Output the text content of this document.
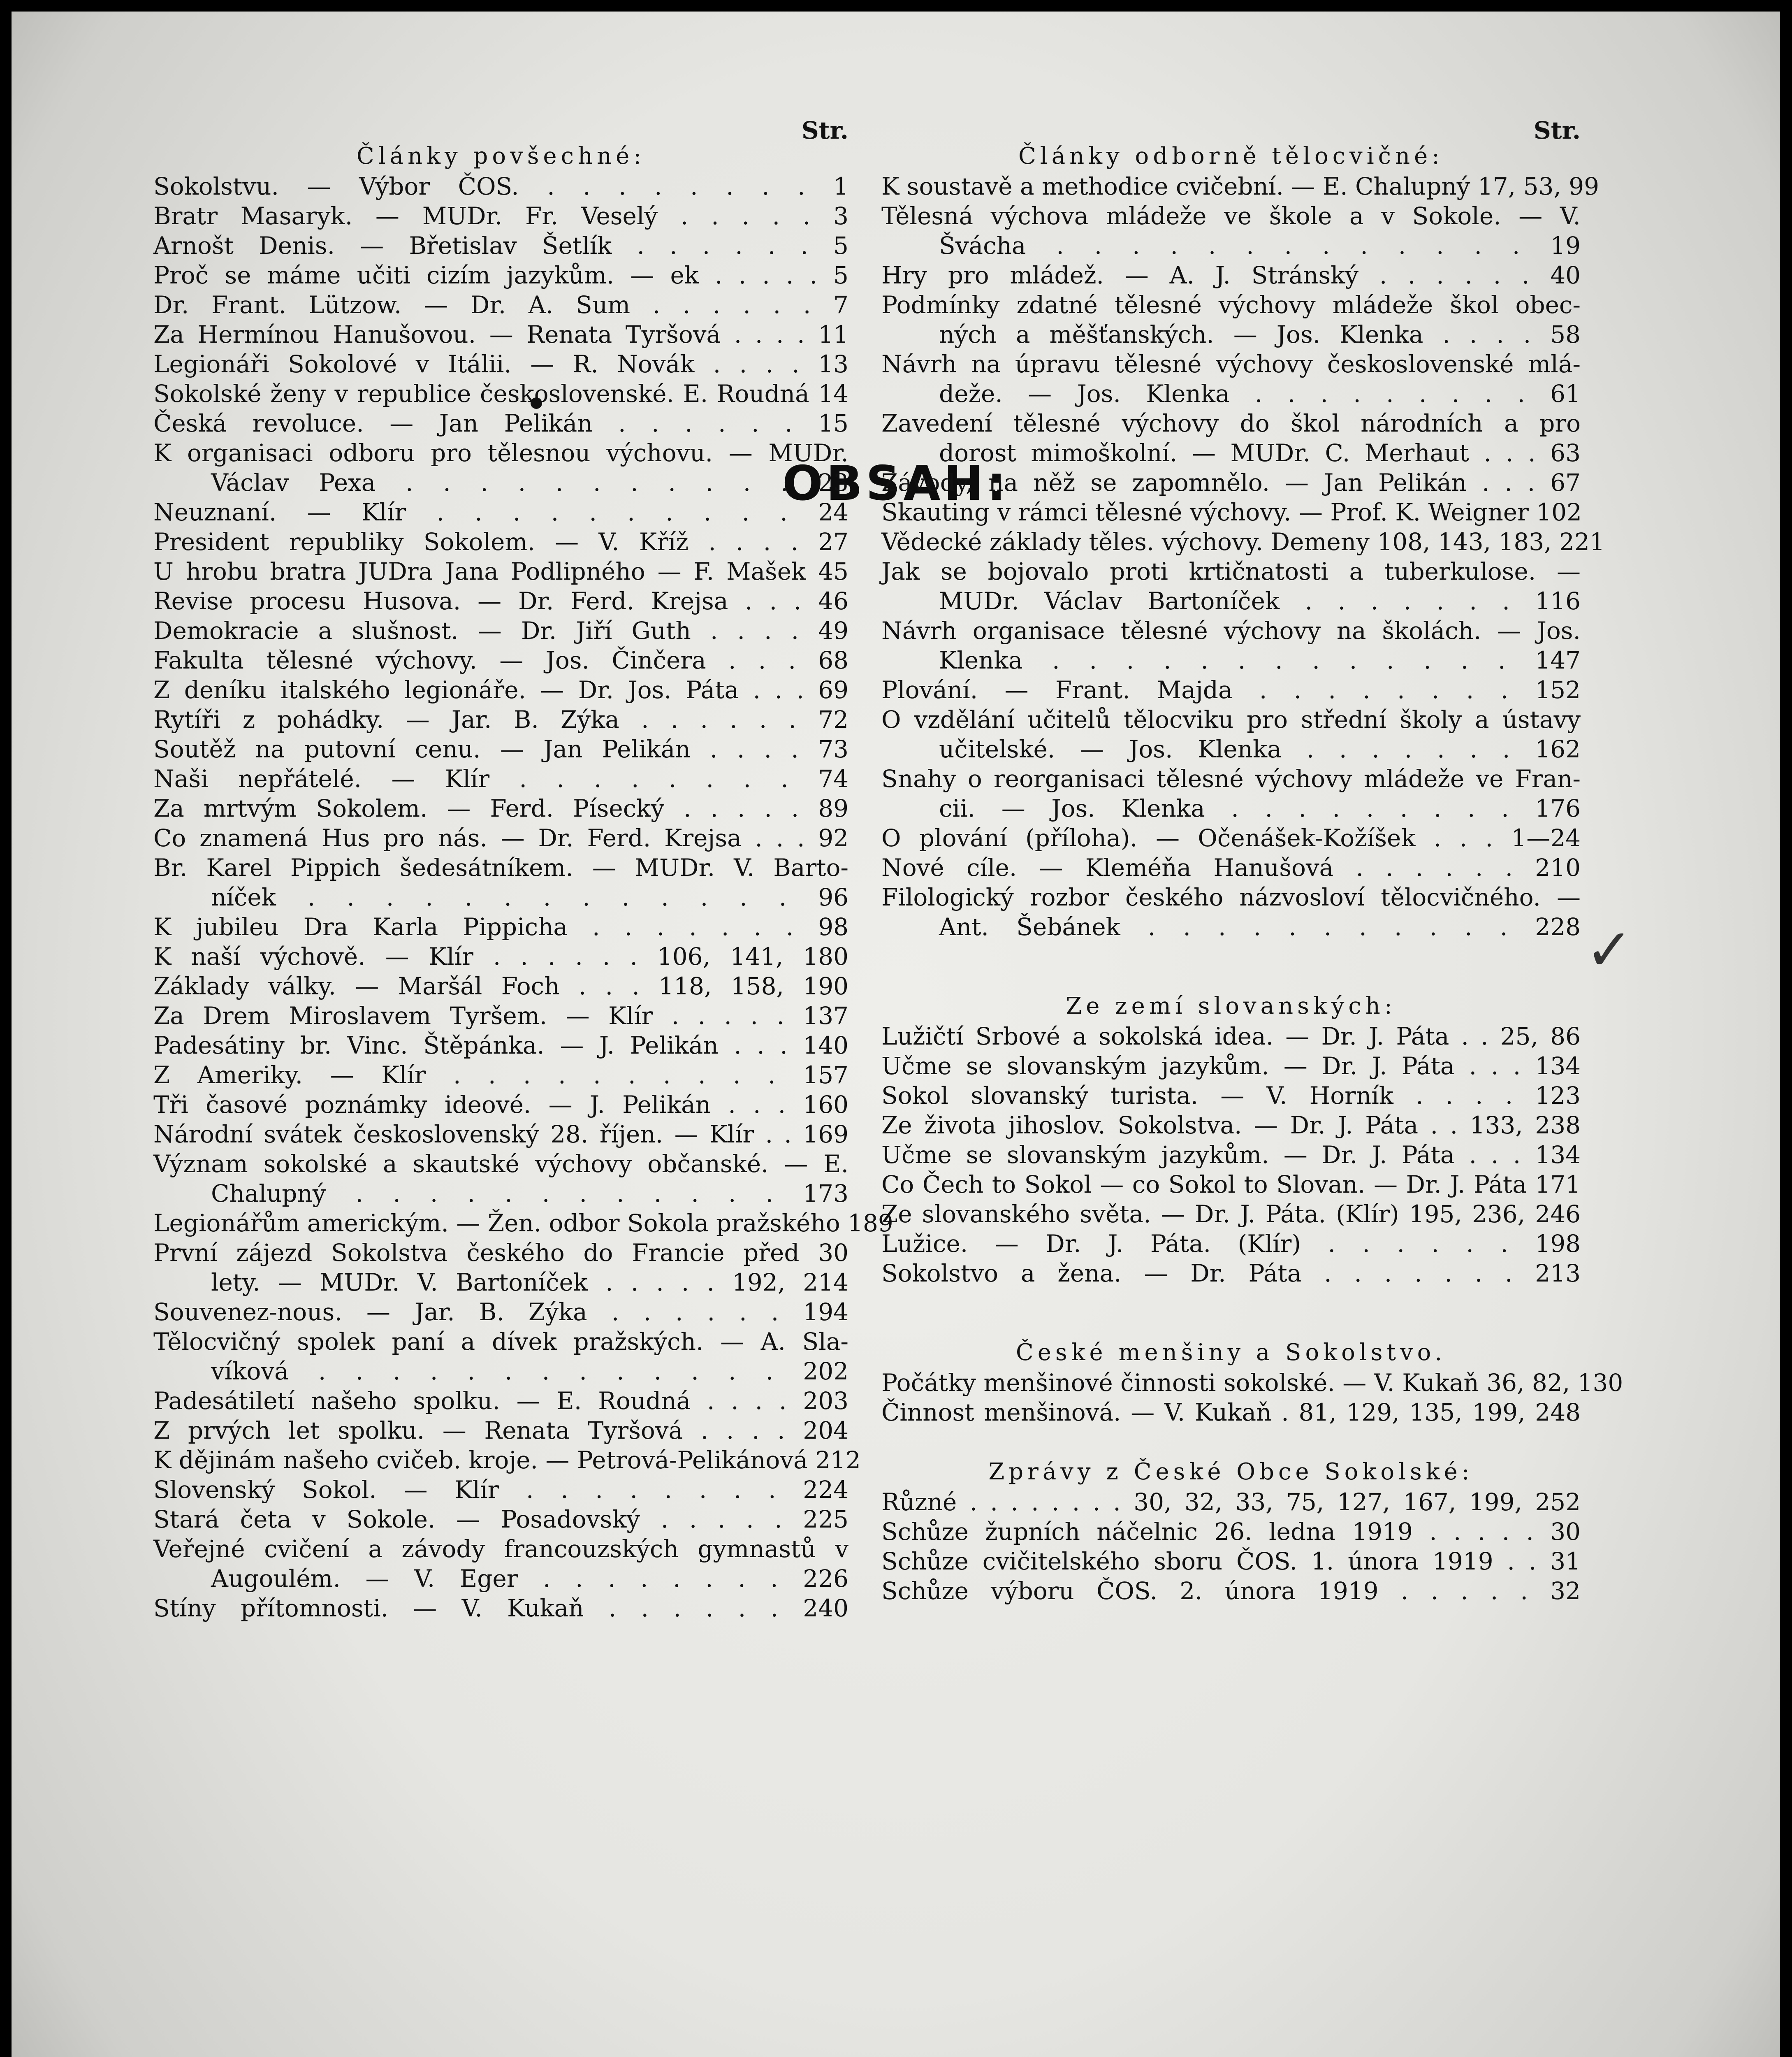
OBSAH:
Str.
Články povšechné:
Sokolstvu. — Výbor ČOS. . . . . . . . . 1
Bratr Masaryk. — MUDr. Fr. Veselý . . . . . 3
Arnošt Denis. — Břetislav Šetlík . . . . . . 5
Proč se máme učiti cizím jazykům. — ek . . . . . 5
Dr. Frant. Lützow. — Dr. A. Sum . . . . . . 7
Za Hermínou Hanušovou. — Renata Tyršová . . . . 11
Legionáři Sokolové v Itálii. — R. Novák . . . . 13
Sokolské ženy v republice československé. E. Roudná 14
Česká revoluce. — Jan Pelikán . . . . . . 15
K organisaci odboru pro tělesnou výchovu. — MUDr.
Václav Pexa . . . . . . . . . . . 23
Neuznaní. — Klír . . . . . . . . . . 24
President republiky Sokolem. — V. Kříž . . . . 27
U hrobu bratra JUDra Jana Podlipného — F. Mašek 45
Revise procesu Husova. — Dr. Ferd. Krejsa . . . 46
Demokracie a slušnost. — Dr. Jiří Guth . . . . 49
Fakulta tělesné výchovy. — Jos. Činčera . . . 68
Z deníku italského legionáře. — Dr. Jos. Páta . . . 69
Rytíři z pohádky. — Jar. B. Zýka . . . . . . 72
Soutěž na putovní cenu. — Jan Pelikán . . . . 73
Naši nepřátelé. — Klír . . . . . . . . 74
Za mrtvým Sokolem. — Ferd. Písecký . . . . . 89
Co znamená Hus pro nás. — Dr. Ferd. Krejsa . . . 92
Br. Karel Pippich šedesátníkem. — MUDr. V. Barto-
níček . . . . . . . . . . . . . 96
K jubileu Dra Karla Pippicha . . . . . . . 98
K naší výchově. — Klír . . . . . . 106, 141, 180
Základy války. — Maršál Foch . . . 118, 158, 190
Za Drem Miroslavem Tyršem. — Klír . . . . . 137
Padesátiny br. Vinc. Štěpánka. — J. Pelikán . . . 140
Z Ameriky. — Klír . . . . . . . . . . 157
Tři časové poznámky ideové. — J. Pelikán . . . 160
Národní svátek československý 28. říjen. — Klír . . 169
Význam sokolské a skautské výchovy občanské. — E.
Chalupný . . . . . . . . . . . . 173
Legionářům americkým. — Žen. odbor Sokola pražského 189
První zájezd Sokolstva českého do Francie před 30
lety. — MUDr. V. Bartoníček . . . . . 192, 214
Souvenez-nous. — Jar. B. Zýka . . . . . . 194
Tělocvičný spolek paní a dívek pražských. — A. Sla-
víková . . . . . . . . . . . . . 202
Padesátiletí našeho spolku. — E. Roudná . . . . 203
Z prvých let spolku. — Renata Tyršová . . . . 204
K dějinám našeho cvičeb. kroje. — Petrová-Pelikánová 212
Slovenský Sokol. — Klír . . . . . . . . 224
Stará četa v Sokole. — Posadovský . . . . . 225
Veřejné cvičení a závody francouzských gymnastů v
Augoulém. — V. Eger . . . . . . . . 226
Stíny přítomnosti. — V. Kukaň . . . . . . 240
Str.
Články odborně tělocvičné:
K soustavě a methodice cvičební. — E. Chalupný 17, 53, 99
Tělesná výchova mládeže ve škole a v Sokole. — V.
Švácha . . . . . . . . . . . . . 19
Hry pro mládež. — A. J. Stránský . . . . . . 40
Podmínky zdatné tělesné výchovy mládeže škol obec-
ných a měšťanských. — Jos. Klenka . . . . 58
Návrh na úpravu tělesné výchovy československé mlá-
deže. — Jos. Klenka . . . . . . . . . 61
Zavedení tělesné výchovy do škol národních a pro
dorost mimoškolní. — MUDr. C. Merhaut . . . 63
Závody, na něž se zapomnělo. — Jan Pelikán . . . 67
Skauting v rámci tělesné výchovy. — Prof. K. Weigner 102
Vědecké základy těles. výchovy. Demeny 108, 143, 183, 221
Jak se bojovalo proti krtičnatosti a tuberkulose. —
MUDr. Václav Bartoníček . . . . . . . 116
Návrh organisace tělesné výchovy na školách. — Jos.
Klenka . . . . . . . . . . . . . 147
Plování. — Frant. Majda . . . . . . . . 152
O vzdělání učitelů tělocviku pro střední školy a ústavy
učitelské. — Jos. Klenka . . . . . . . 162
Snahy o reorganisaci tělesné výchovy mládeže ve Fran-
cii. — Jos. Klenka . . . . . . . . . 176
O plování (příloha). — Očenášek-Kožíšek . . . 1—24
Nové cíle. — Kleméňa Hanušová . . . . . . 210
Filologický rozbor českého názvosloví tělocvičného. —
Ant. Šebánek . . . . . . . . . . . 228
Ze zemí slovanských:
Lužičtí Srbové a sokolská idea. — Dr. J. Páta . . 25, 86
Učme se slovanským jazykům. — Dr. J. Páta . . . 134
Sokol slovanský turista. — V. Horník . . . . 123
Ze života jihoslov. Sokolstva. — Dr. J. Páta . . 133, 238
Učme se slovanským jazykům. — Dr. J. Páta . . . 134
Co Čech to Sokol — co Sokol to Slovan. — Dr. J. Páta 171
Ze slovanského světa. — Dr. J. Páta. (Klír) 195, 236, 246
Lužice. — Dr. J. Páta. (Klír) . . . . . . 198
Sokolstvo a žena. — Dr. Páta . . . . . . . 213
České menšiny a Sokolstvo.
Počátky menšinové činnosti sokolské. — V. Kukaň 36, 82, 130
Činnost menšinová. — V. Kukaň . 81, 129, 135, 199, 248
Zprávy z České Obce Sokolské:
Různé . . . . . . . . 30, 32, 33, 75, 127, 167, 199, 252
Schůze župních náčelnic 26. ledna 1919 . . . . . 30
Schůze cvičitelského sboru ČOS. 1. února 1919 . . 31
Schůze výboru ČOS. 2. února 1919 . . . . . 32
✓
